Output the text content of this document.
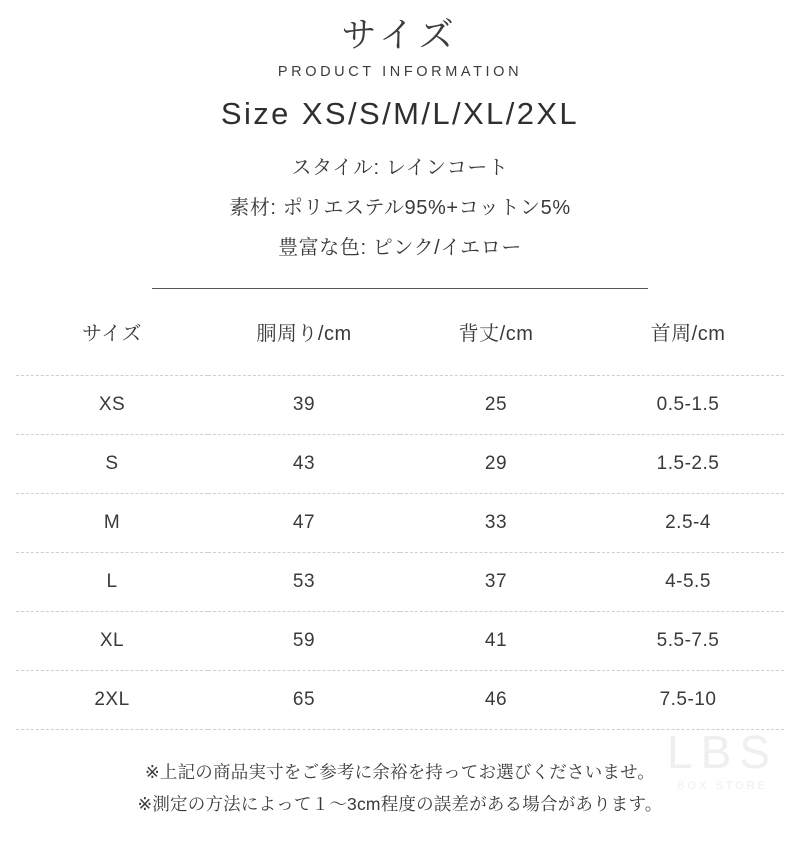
サイズ
PRODUCT INFORMATION
Size XS/S/M/L/XL/2XL
スタイル: レインコート
素材: ポリエステル95%+コットン5%
豊富な色: ピンク/イエロー
サイズ	胴周り/cm	背丈/cm	首周/cm
XS	39	25	0.5-1.5
S	43	29	1.5-2.5
M	47	33	2.5-4
L	53	37	4-5.5
XL	59	41	5.5-7.5
2XL	65	46	7.5-10
※上記の商品実寸をご参考に余裕を持ってお選びくださいませ。
※測定の方法によって１〜3cm程度の誤差がある場合があります。
LBS
BOX STORE
